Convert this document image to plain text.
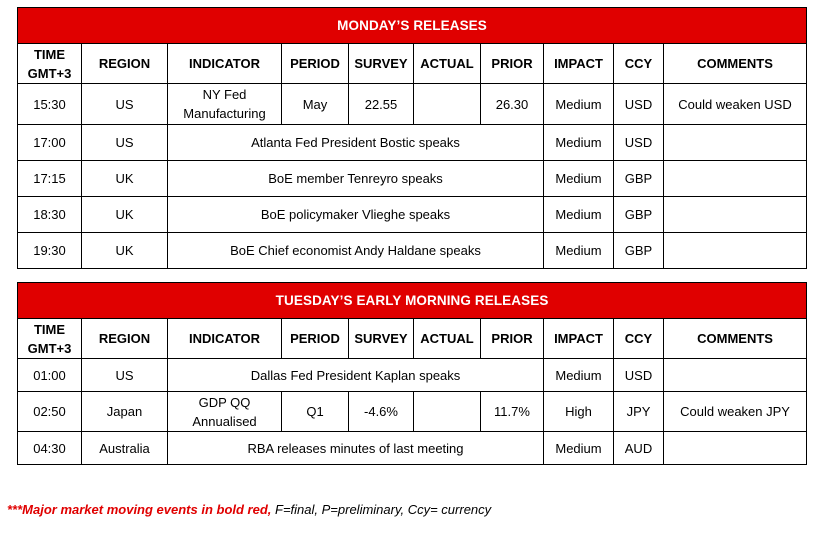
MONDAY’S RELEASES									
TIME
GMT+3	REGION	INDICATOR	PERIOD	SURVEY	ACTUAL	PRIOR	IMPACT	CCY	COMMENTS
15:30	US	NY Fed
Manufacturing	May	22.55		26.30	Medium	USD	Could weaken USD
17:00	US	Atlanta Fed President Bostic speaks					Medium	USD	
17:15	UK	BoE member Tenreyro speaks					Medium	GBP	
18:30	UK	BoE policymaker Vlieghe speaks					Medium	GBP	
19:30	UK	BoE Chief economist Andy Haldane speaks					Medium	GBP	
TUESDAY’S EARLY MORNING RELEASES									
TIME
GMT+3	REGION	INDICATOR	PERIOD	SURVEY	ACTUAL	PRIOR	IMPACT	CCY	COMMENTS
01:00	US	Dallas Fed President Kaplan speaks					Medium	USD	
02:50	Japan	GDP QQ
Annualised	Q1	-4.6%		11.7%	High	JPY	Could weaken JPY
04:30	Australia	RBA releases minutes of last meeting					Medium	AUD	
***Major market moving events in bold red, F=final, P=preliminary, Ccy= currency
